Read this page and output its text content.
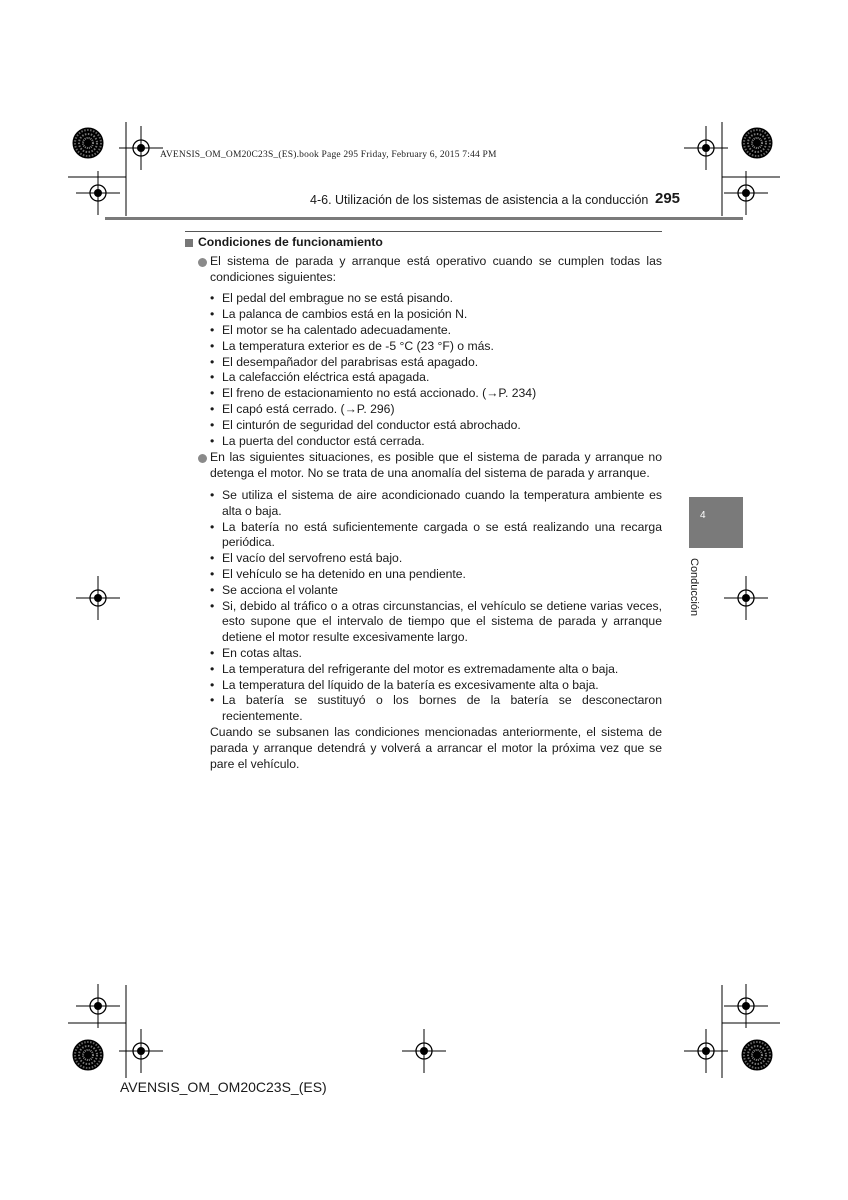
AVENSIS_OM_OM20C23S_(ES).book Page 295 Friday, February 6, 2015 7:44 PM
4-6. Utilización de los sistemas de asistencia a la conducción 295

Condiciones de funcionamiento

El sistema de parada y arranque está operativo cuando se cumplen todas las condiciones siguientes:
• El pedal del embrague no se está pisando.
• La palanca de cambios está en la posición N.
• El motor se ha calentado adecuadamente.
• La temperatura exterior es de -5 °C (23 °F) o más.
• El desempañador del parabrisas está apagado.
• La calefacción eléctrica está apagada.
• El freno de estacionamiento no está accionado. (→P. 234)
• El capó está cerrado. (→P. 296)
• El cinturón de seguridad del conductor está abrochado.
• La puerta del conductor está cerrada.
En las siguientes situaciones, es posible que el sistema de parada y arranque no detenga el motor. No se trata de una anomalía del sistema de parada y arranque.
• Se utiliza el sistema de aire acondicionado cuando la temperatura ambiente es alta o baja.
• La batería no está suficientemente cargada o se está realizando una recarga periódica.
• El vacío del servofreno está bajo.
• El vehículo se ha detenido en una pendiente.
• Se acciona el volante
• Si, debido al tráfico o a otras circunstancias, el vehículo se detiene varias veces, esto supone que el intervalo de tiempo que el sistema de parada y arranque detiene el motor resulte excesivamente largo.
• En cotas altas.
• La temperatura del refrigerante del motor es extremadamente alta o baja.
• La temperatura del líquido de la batería es excesivamente alta o baja.
• La batería se sustituyó o los bornes de la batería se desconectaron recientemente.

Cuando se subsanen las condiciones mencionadas anteriormente, el sistema de parada y arranque detendrá y volverá a arrancar el motor la próxima vez que se pare el vehículo.

4
Conducción
AVENSIS_OM_OM20C23S_(ES)
